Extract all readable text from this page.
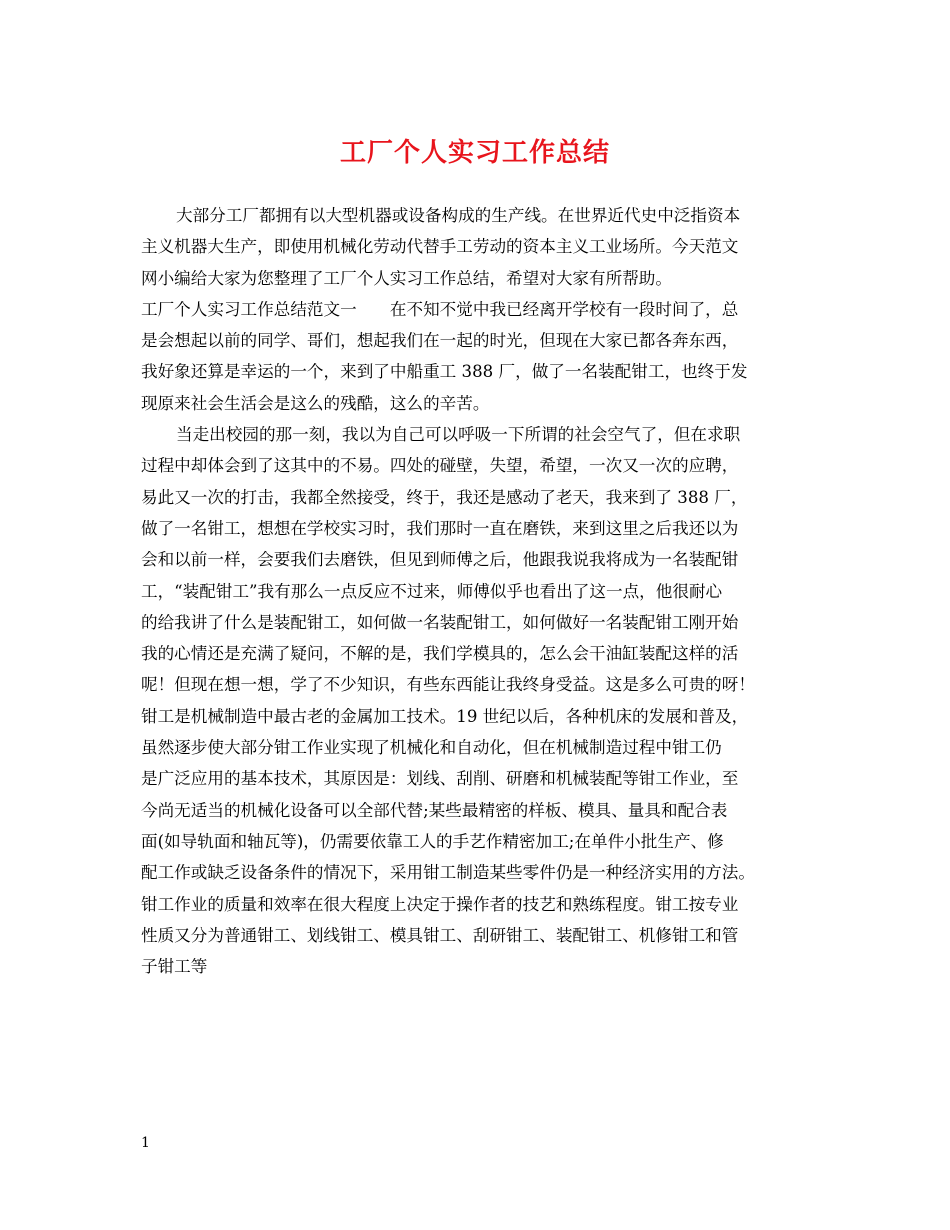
工厂个人实习工作总结
大部分工厂都拥有以大型机器或设备构成的生产线。在世界近代史中泛指资本
主义机器大生产，即使用机械化劳动代替手工劳动的资本主义工业场所。今天范文
网小编给大家为您整理了工厂个人实习工作总结，希望对大家有所帮助。
工厂个人实习工作总结范文一　　在不知不觉中我已经离开学校有一段时间了，总
是会想起以前的同学、哥们，想起我们在一起的时光，但现在大家已都各奔东西，
我好象还算是幸运的一个，来到了中船重工 388 厂，做了一名装配钳工，也终于发
现原来社会生活会是这么的残酷，这么的辛苦。
当走出校园的那一刻，我以为自己可以呼吸一下所谓的社会空气了，但在求职
过程中却体会到了这其中的不易。四处的碰壁，失望，希望，一次又一次的应聘，
易此又一次的打击，我都全然接受，终于，我还是感动了老天，我来到了 388 厂，
做了一名钳工，想想在学校实习时，我们那时一直在磨铁，来到这里之后我还以为
会和以前一样，会要我们去磨铁，但见到师傅之后，他跟我说我将成为一名装配钳
工，“装配钳工”我有那么一点反应不过来，师傅似乎也看出了这一点，他很耐心
的给我讲了什么是装配钳工，如何做一名装配钳工，如何做好一名装配钳工刚开始
我的心情还是充满了疑问，不解的是，我们学模具的，怎么会干油缸装配这样的活
呢！但现在想一想，学了不少知识，有些东西能让我终身受益。这是多么可贵的呀！
钳工是机械制造中最古老的金属加工技术。19 世纪以后，各种机床的发展和普及，
虽然逐步使大部分钳工作业实现了机械化和自动化，但在机械制造过程中钳工仍
是广泛应用的基本技术，其原因是：划线、刮削、研磨和机械装配等钳工作业，至
今尚无适当的机械化设备可以全部代替;某些最精密的样板、模具、量具和配合表
面(如导轨面和轴瓦等)，仍需要依靠工人的手艺作精密加工;在单件小批生产、修
配工作或缺乏设备条件的情况下，采用钳工制造某些零件仍是一种经济实用的方法。
钳工作业的质量和效率在很大程度上决定于操作者的技艺和熟练程度。钳工按专业
性质又分为普通钳工、划线钳工、模具钳工、刮研钳工、装配钳工、机修钳工和管
子钳工等
1
